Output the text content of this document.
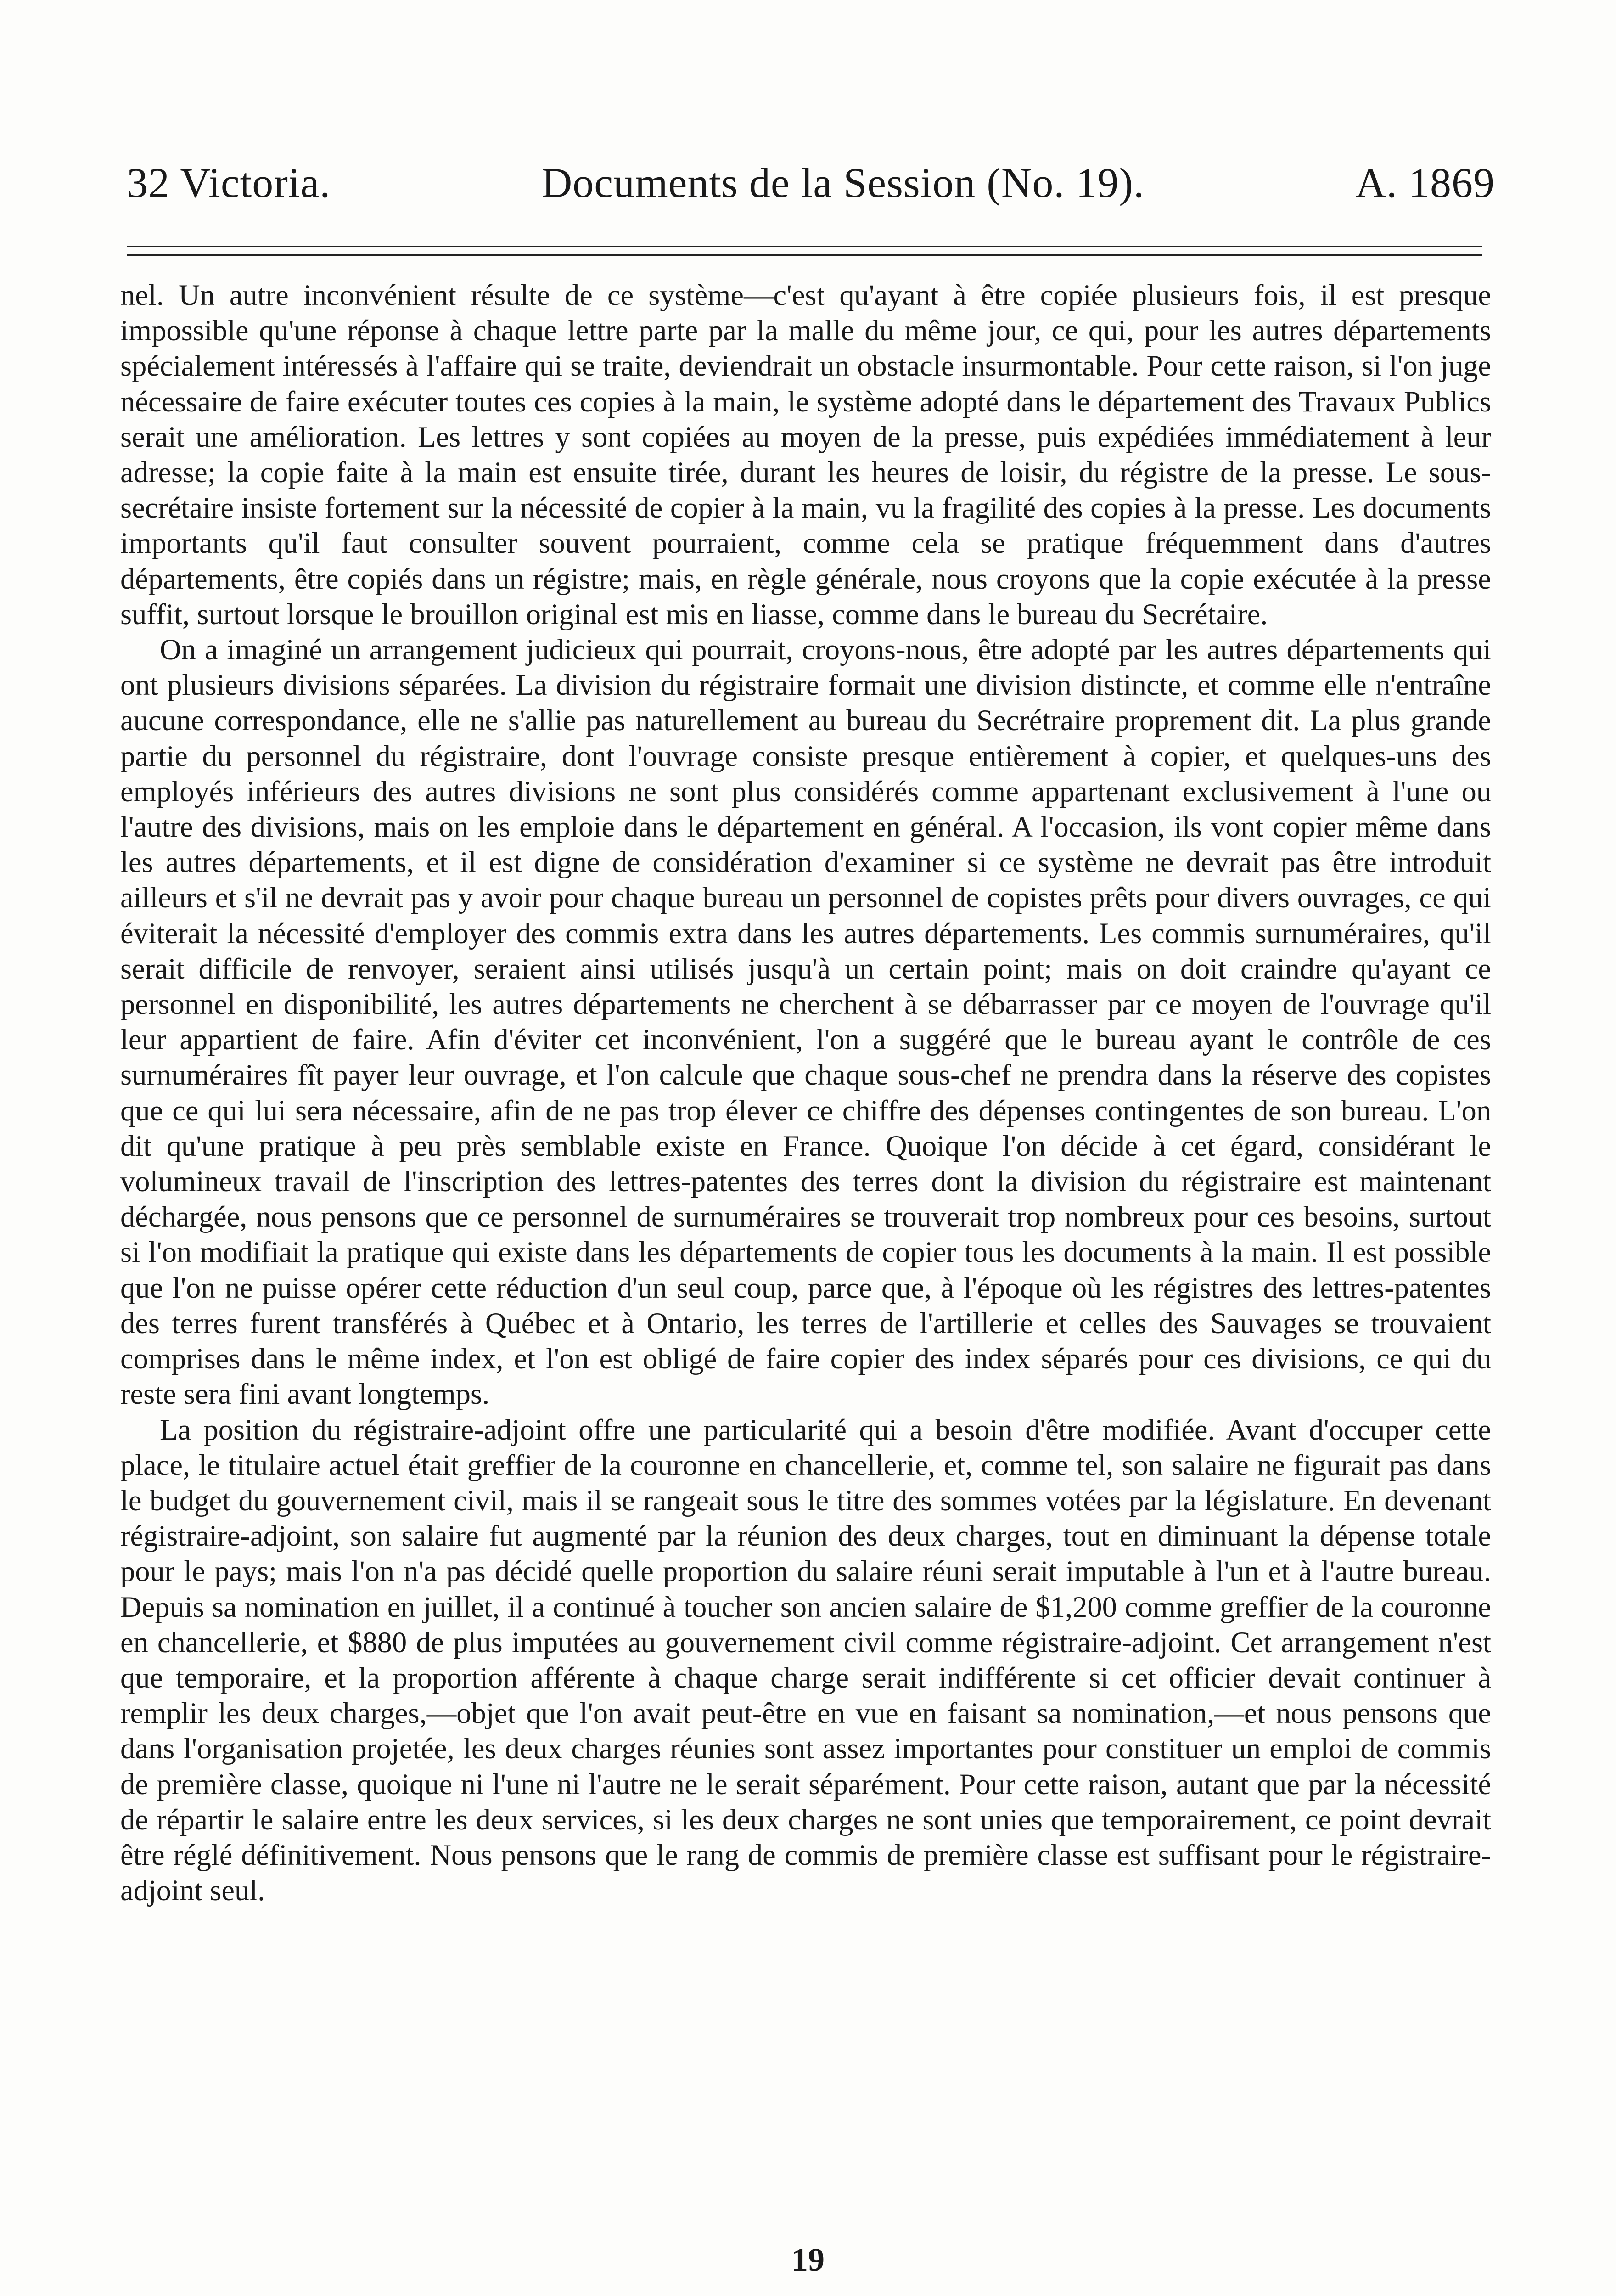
32 Victoria.	Documents de la Session (No. 19).	A. 1869

nel. Un autre inconvénient résulte de ce système—c'est qu'ayant à être copiée plusieurs fois, il est presque impossible qu'une réponse à chaque lettre parte par la malle du même jour, ce qui, pour les autres départements spécialement intéressés à l'affaire qui se traite, deviendrait un obstacle insurmontable. Pour cette raison, si l'on juge nécessaire de faire exécuter toutes ces copies à la main, le système adopté dans le département des Travaux Publics serait une amélioration. Les lettres y sont copiées au moyen de la presse, puis expédiées immédiatement à leur adresse; la copie faite à la main est ensuite tirée, durant les heures de loisir, du régistre de la presse. Le sous-secrétaire insiste fortement sur la nécessité de copier à la main, vu la fragilité des copies à la presse. Les documents importants qu'il faut consulter souvent pourraient, comme cela se pratique fréquemment dans d'autres départements, être copiés dans un régistre; mais, en règle générale, nous croyons que la copie exécutée à la presse suffit, surtout lorsque le brouillon original est mis en liasse, comme dans le bureau du Secrétaire.

On a imaginé un arrangement judicieux qui pourrait, croyons-nous, être adopté par les autres départements qui ont plusieurs divisions séparées. La division du régistraire formait une division distincte, et comme elle n'entraîne aucune correspondance, elle ne s'allie pas naturellement au bureau du Secrétraire proprement dit. La plus grande partie du personnel du régistraire, dont l'ouvrage consiste presque entièrement à copier, et quelques-uns des employés inférieurs des autres divisions ne sont plus considérés comme appartenant exclusivement à l'une ou l'autre des divisions, mais on les emploie dans le département en général. A l'occasion, ils vont copier même dans les autres départements, et il est digne de considération d'examiner si ce système ne devrait pas être introduit ailleurs et s'il ne devrait pas y avoir pour chaque bureau un personnel de copistes prêts pour divers ouvrages, ce qui éviterait la nécessité d'employer des commis extra dans les autres départements. Les commis surnuméraires, qu'il serait difficile de renvoyer, seraient ainsi utilisés jusqu'à un certain point; mais on doit craindre qu'ayant ce personnel en disponibilité, les autres départements ne cherchent à se débarrasser par ce moyen de l'ouvrage qu'il leur appartient de faire. Afin d'éviter cet inconvénient, l'on a suggéré que le bureau ayant le contrôle de ces surnuméraires fît payer leur ouvrage, et l'on calcule que chaque sous-chef ne prendra dans la réserve des copistes que ce qui lui sera nécessaire, afin de ne pas trop élever ce chiffre des dépenses contingentes de son bureau. L'on dit qu'une pratique à peu près semblable existe en France. Quoique l'on décide à cet égard, considérant le volumineux travail de l'inscription des lettres-patentes des terres dont la division du régistraire est maintenant déchargée, nous pensons que ce personnel de surnuméraires se trouverait trop nombreux pour ces besoins, surtout si l'on modifiait la pratique qui existe dans les départements de copier tous les documents à la main. Il est possible que l'on ne puisse opérer cette réduction d'un seul coup, parce que, à l'époque où les régistres des lettres-patentes des terres furent transférés à Québec et à Ontario, les terres de l'artillerie et celles des Sauvages se trouvaient comprises dans le même index, et l'on est obligé de faire copier des index séparés pour ces divisions, ce qui du reste sera fini avant longtemps.

La position du régistraire-adjoint offre une particularité qui a besoin d'être modifiée. Avant d'occuper cette place, le titulaire actuel était greffier de la couronne en chancellerie, et, comme tel, son salaire ne figurait pas dans le budget du gouvernement civil, mais il se rangeait sous le titre des sommes votées par la législature. En devenant régistraire-adjoint, son salaire fut augmenté par la réunion des deux charges, tout en diminuant la dépense totale pour le pays; mais l'on n'a pas décidé quelle proportion du salaire réuni serait imputable à l'un et à l'autre bureau. Depuis sa nomination en juillet, il a continué à toucher son ancien salaire de $1,200 comme greffier de la couronne en chancellerie, et $880 de plus imputées au gouvernement civil comme régistraire-adjoint. Cet arrangement n'est que temporaire, et la proportion afférente à chaque charge serait indifférente si cet officier devait continuer à remplir les deux charges,—objet que l'on avait peut-être en vue en faisant sa nomination,—et nous pensons que dans l'organisation projetée, les deux charges réunies sont assez importantes pour constituer un emploi de commis de première classe, quoique ni l'une ni l'autre ne le serait séparément. Pour cette raison, autant que par la nécessité de répartir le salaire entre les deux services, si les deux charges ne sont unies que temporairement, ce point devrait être réglé définitivement. Nous pensons que le rang de commis de première classe est suffisant pour le régistraire-adjoint seul.

19
